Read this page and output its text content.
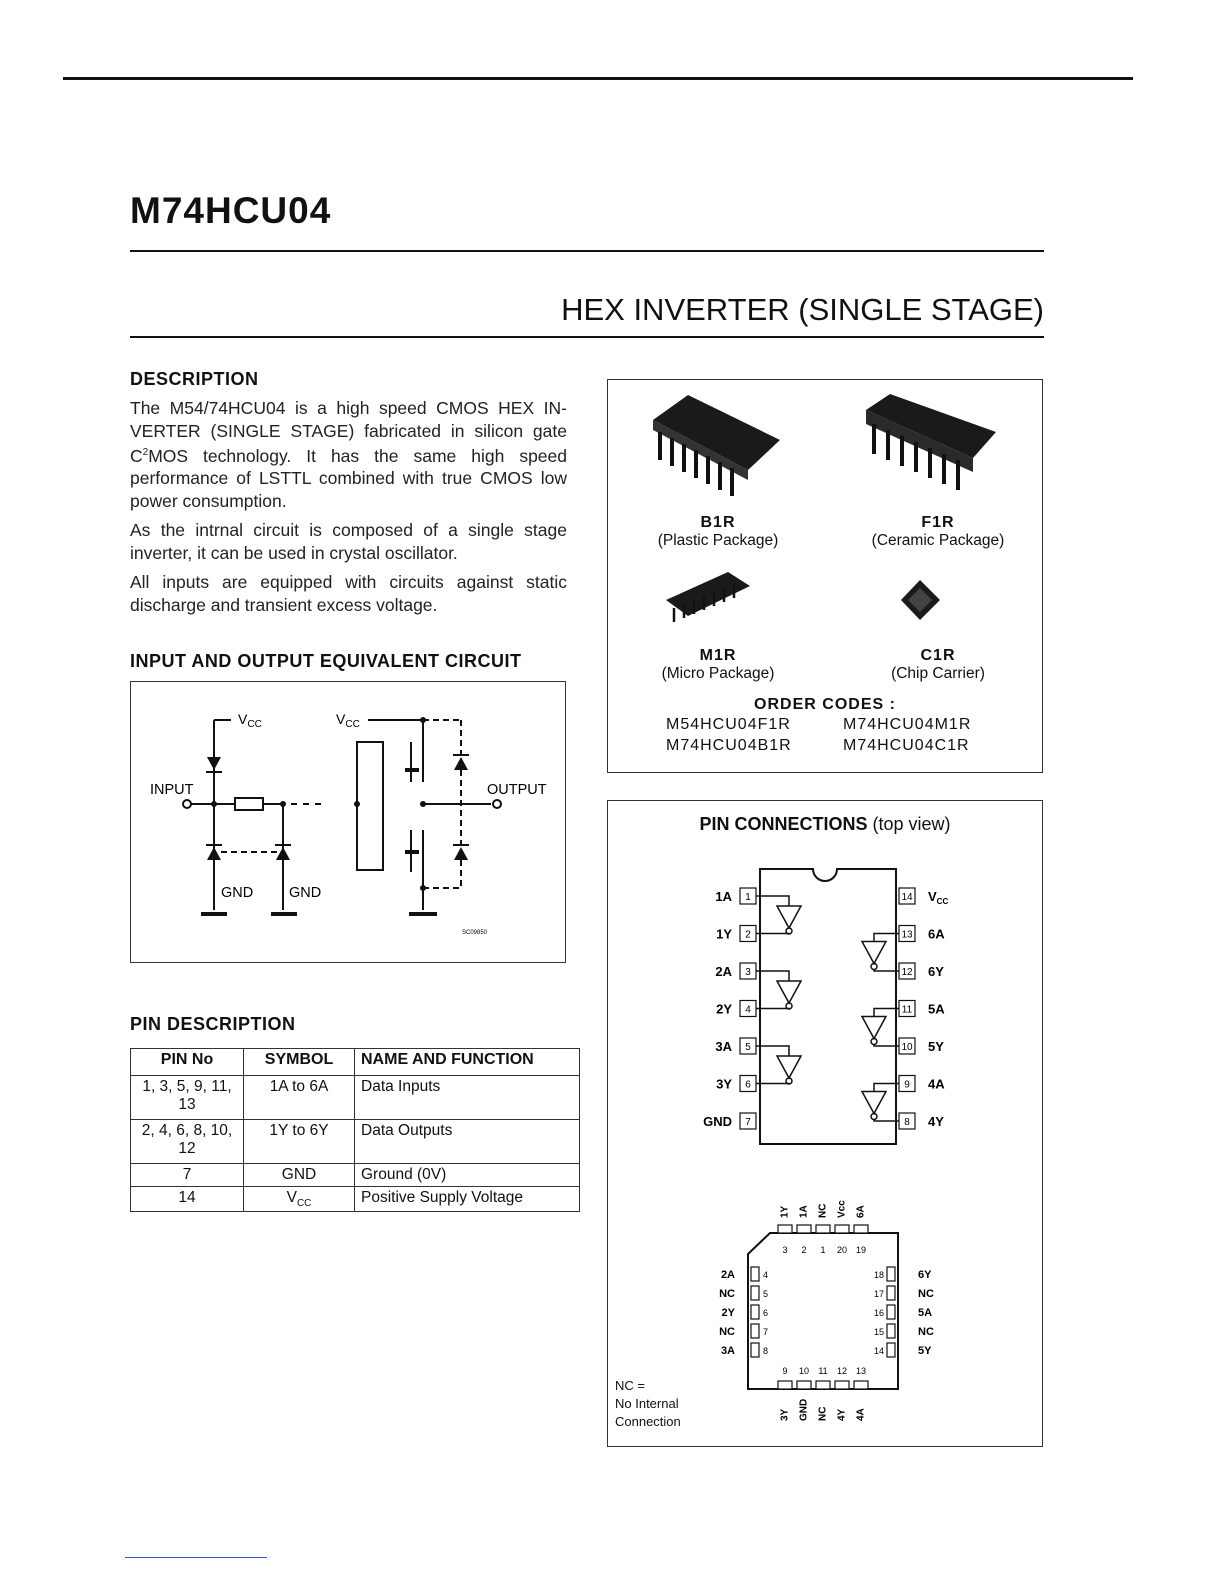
M74HCU04
HEX INVERTER (SINGLE STAGE)
DESCRIPTION

The M54/74HCU04 is a high speed CMOS HEX IN- VERTER (SINGLE STAGE) fabricated in silicon gate $C^2MOS$ technology. It has the same high speed performance of LSTTL combined with true CMOS low power consumption.

As the intrnal circuit is composed of a single stage inverter, it can be used in crystal oscillator.

All inputs are equipped with circuits against static discharge and transient excess voltage.

INPUT AND OUTPUT EQUIVALENT CIRCUIT
$V_{CC}$	$V_{CC}$
INPUT	OUTPUT
GND GND
SC09850
PIN DESCRIPTION
PIN No	SYMBOL	NAME AND FUNCTION
1, 3, 5, 9, 11, 13	1A to 6A	Data Inputs
2, 4, 6, 8, 10, 12	1Y to 6Y	Data Outputs
7	GND	Ground (0V)
14	$V_{CC}$	Positive Supply Voltage
B1R
(Plastic Package)
F1R
(Ceramic Package)
M1R
(Micro Package)
C1R
(Chip Carrier)
ORDER CODES :
M54HCU04F1R	M74HCU04M1R
M74HCU04B1R	M74HCU04C1R
PIN CONNECTIONS (top view)
1
1A
2
1Y
3
2A
4
2Y
5
3A
6
3Y
7
GND
14 $V_{CC}$
13 6A
12 6Y
11 5A
10 5Y
9 4A
8 4Y
3 2 1 20 19
1Y 1A NC Vcc 6A
4
2A
5
NC
6
2Y
7
NC
8
3A
18	6Y
17	NC
16	5A
15	NC
14	5Y
9 10 11 12 13
3Y GND NC 4Y 4A
NC =
No Internal
Connection
